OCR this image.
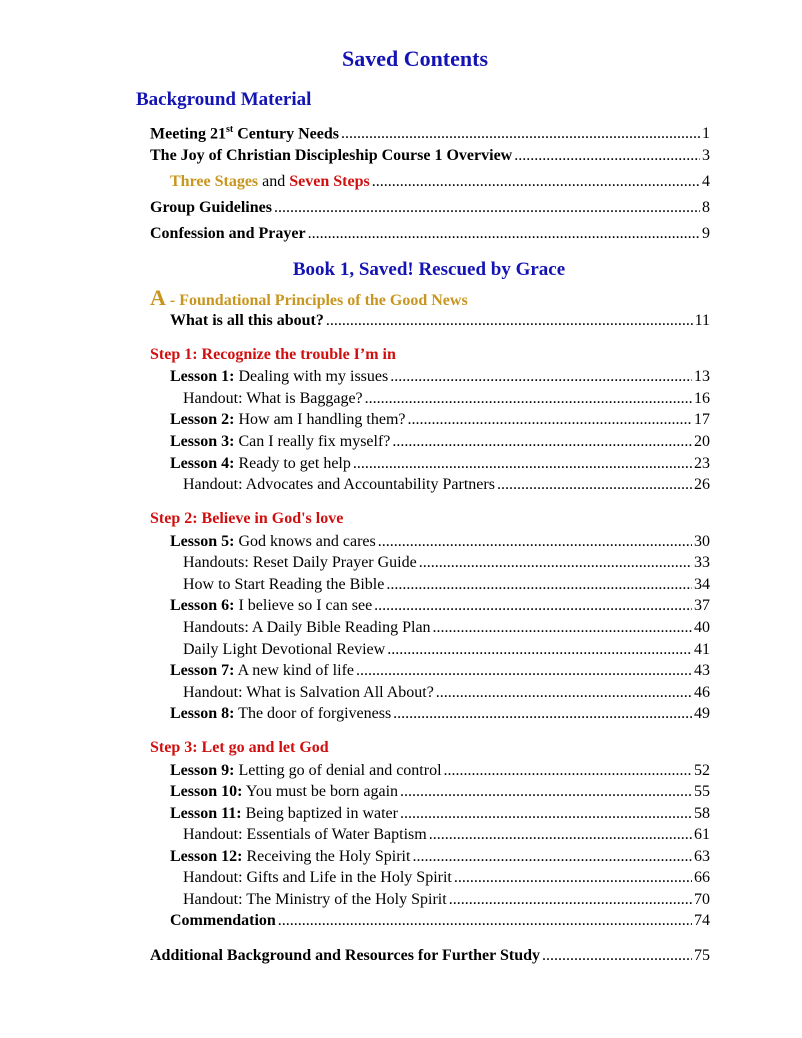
Saved Contents
Background Material
Meeting 21st Century Needs .....	1
The Joy of Christian Discipleship Course 1 Overview .....	3
Three Stages and Seven Steps .....	4
Group Guidelines .....	8
Confession and Prayer .....	9
Book 1, Saved! Rescued by Grace
A - Foundational Principles of the Good News
What is all this about? .....	11
Step 1: Recognize the trouble I’m in
Lesson 1: Dealing with my issues .....	13
Handout: What is Baggage? .....	16
Lesson 2: How am I handling them? .....	17
Lesson 3: Can I really fix myself? .....	20
Lesson 4: Ready to get help .....	23
Handout: Advocates and Accountability Partners .....	26
Step 2: Believe in God's love
Lesson 5: God knows and cares .....	30
Handouts: Reset Daily Prayer Guide .....	33
How to Start Reading the Bible .....	34
Lesson 6: I believe so I can see .....	37
Handouts: A Daily Bible Reading Plan .....	40
Daily Light Devotional Review .....	41
Lesson 7: A new kind of life .....	43
Handout: What is Salvation All About? .....	46
Lesson 8: The door of forgiveness .....	49
Step 3: Let go and let God
Lesson 9: Letting go of denial and control .....	52
Lesson 10: You must be born again .....	55
Lesson 11: Being baptized in water .....	58
Handout: Essentials of Water Baptism .....	61
Lesson 12: Receiving the Holy Spirit .....	63
Handout: Gifts and Life in the Holy Spirit .....	66
Handout: The Ministry of the Holy Spirit .....	70
Commendation .....	74
Additional Background and Resources for Further Study .....	75
